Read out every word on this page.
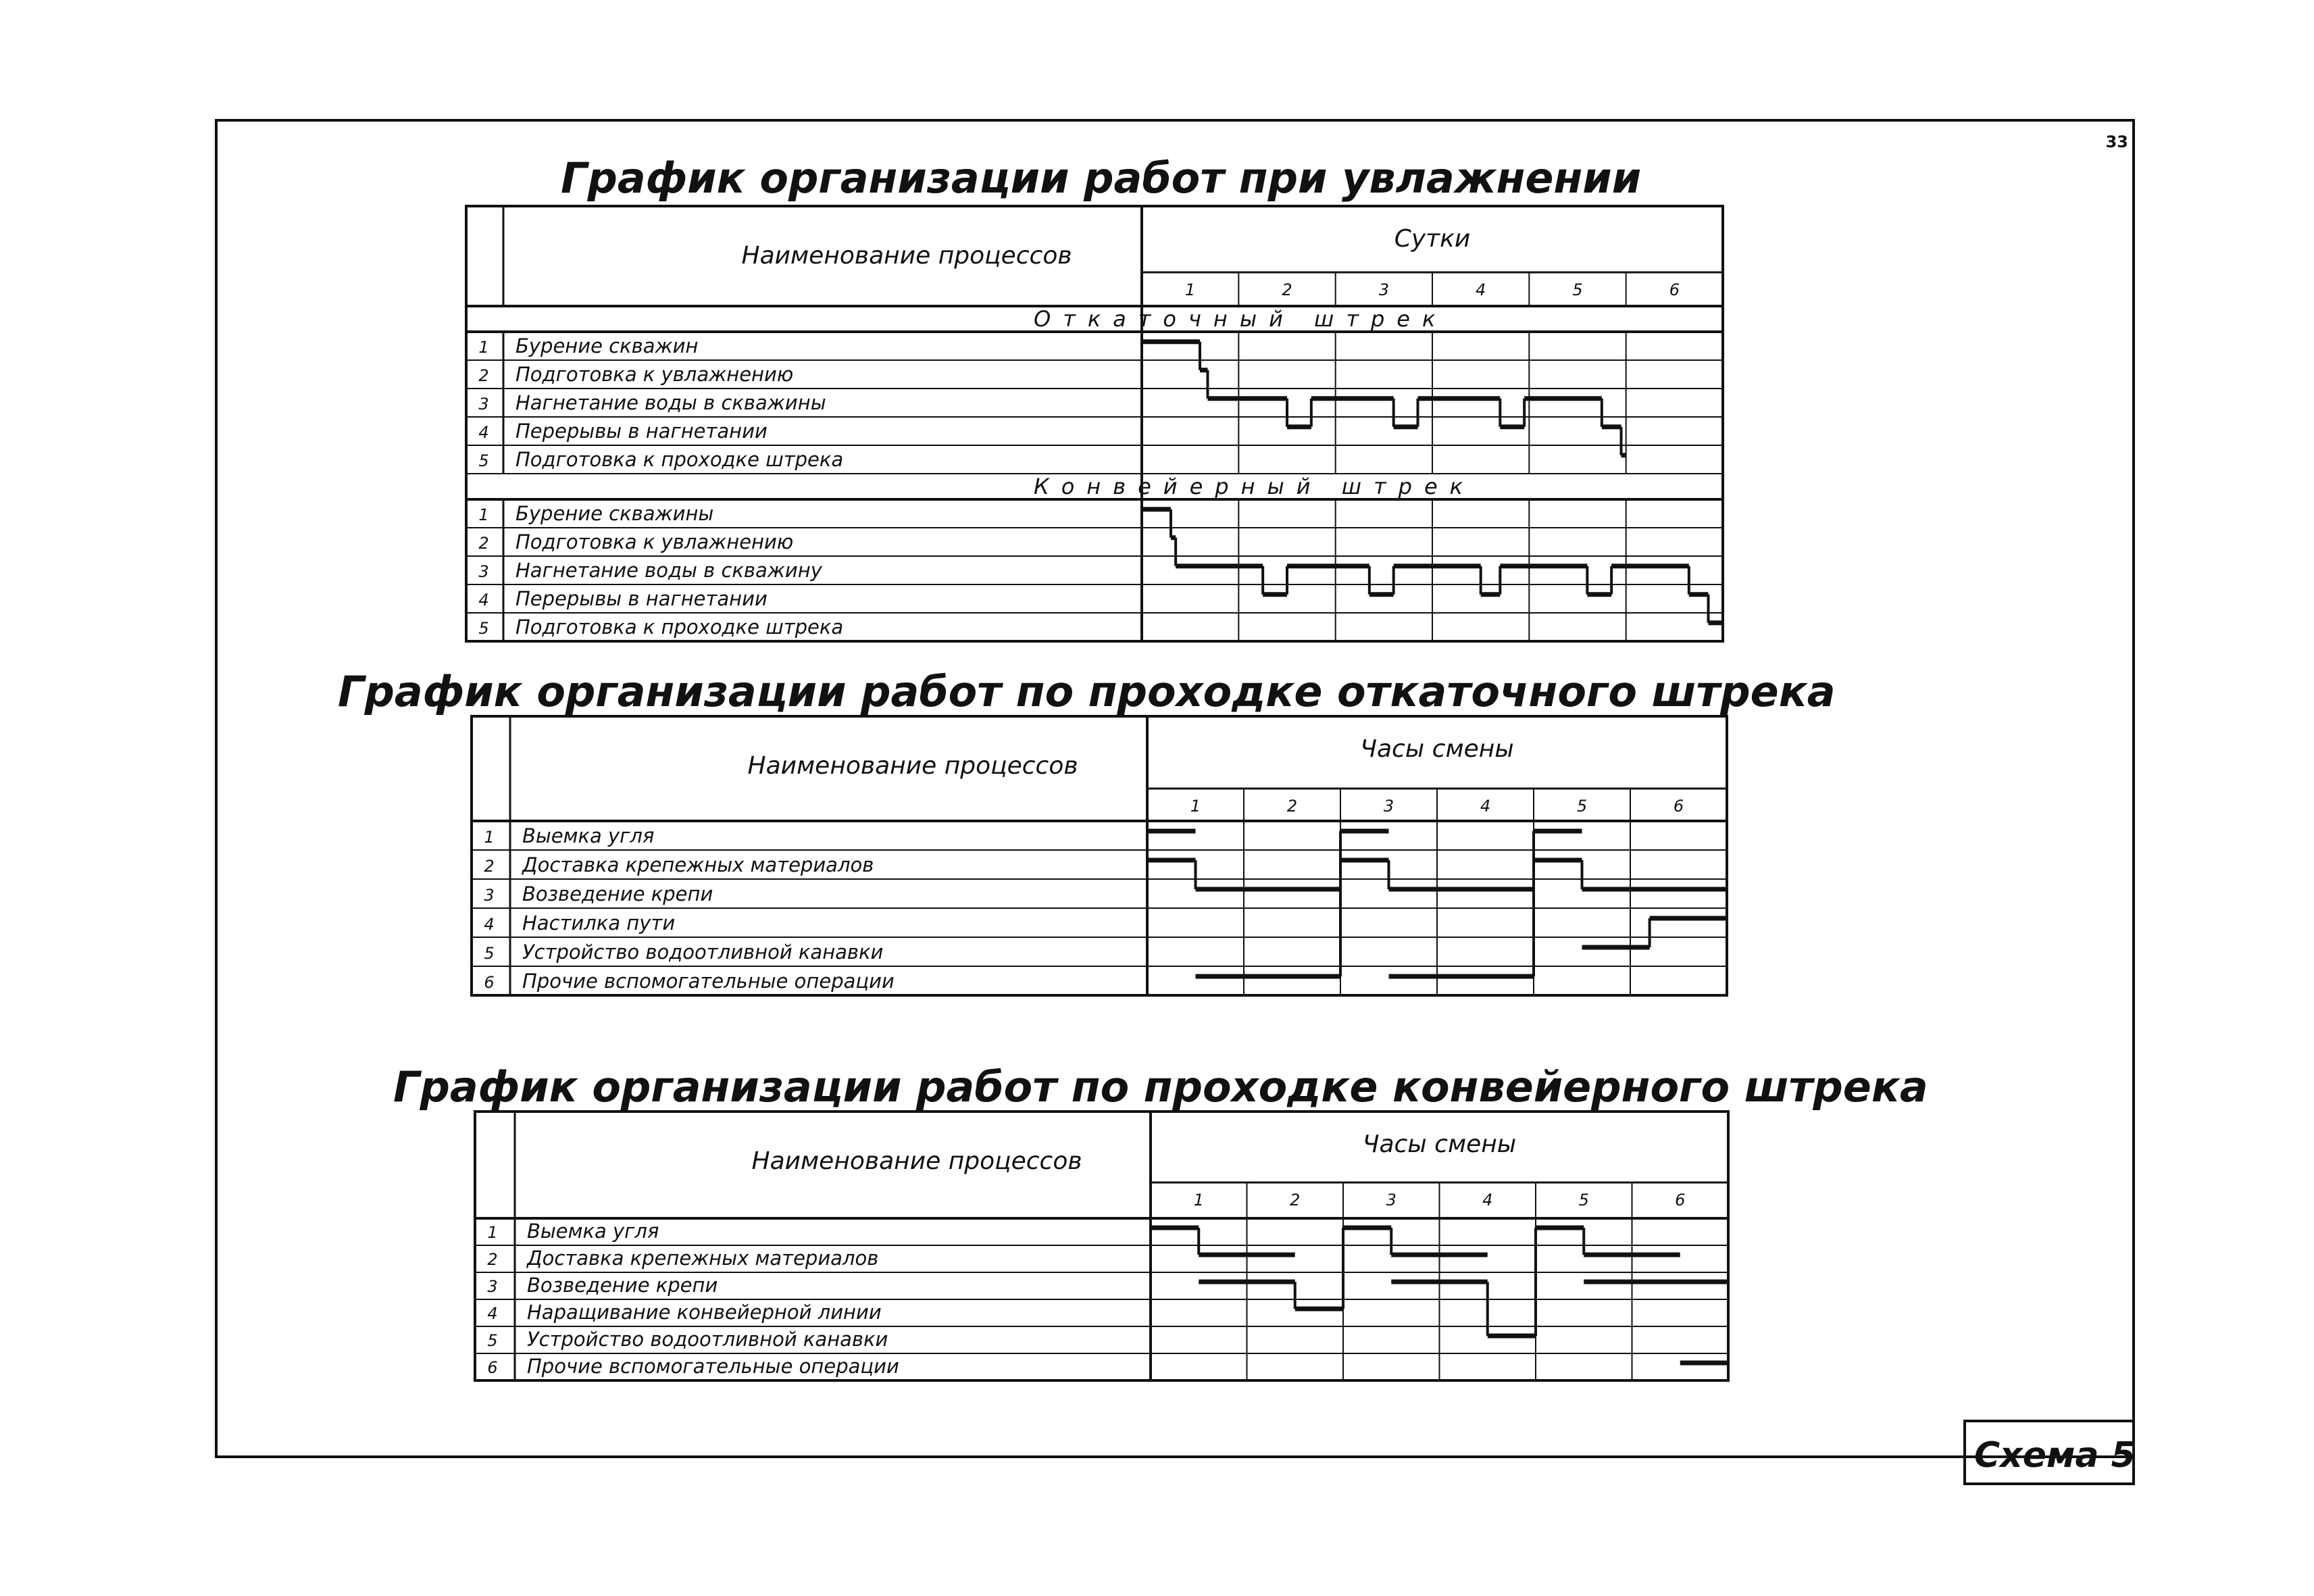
33
Схема 5
График организации работ при увлажнении
Наименование процессов
Сутки
1	2	3	4	5	6
Откаточный штрек
1 Бурение скважин
2 Подготовка к увлажнению
3 Нагнетание воды в скважины
4 Перерывы в нагнетании
5 Подготовка к проходке штрека
Конвейерный штрек
1 Бурение скважины
2 Подготовка к увлажнению
3 Нагнетание воды в скважину
4 Перерывы в нагнетании
5 Подготовка к проходке штрека
График организации работ по проходке откаточного штрека
Наименование процессов
Часы смены
1	2	3	4	5	6
1 Выемка угля
2 Доставка крепежных материалов
3 Возведение крепи
4 Настилка пути
5 Устройство водоотливной канавки
6 Прочие вспомогательные операции
График организации работ по проходке конвейерного штрека
Наименование процессов
Часы смены
1	2	3	4	5	6
1 Выемка угля
2 Доставка крепежных материалов
3 Возведение крепи
4 Наращивание конвейерной линии
5 Устройство водоотливной канавки
6 Прочие вспомогательные операции
